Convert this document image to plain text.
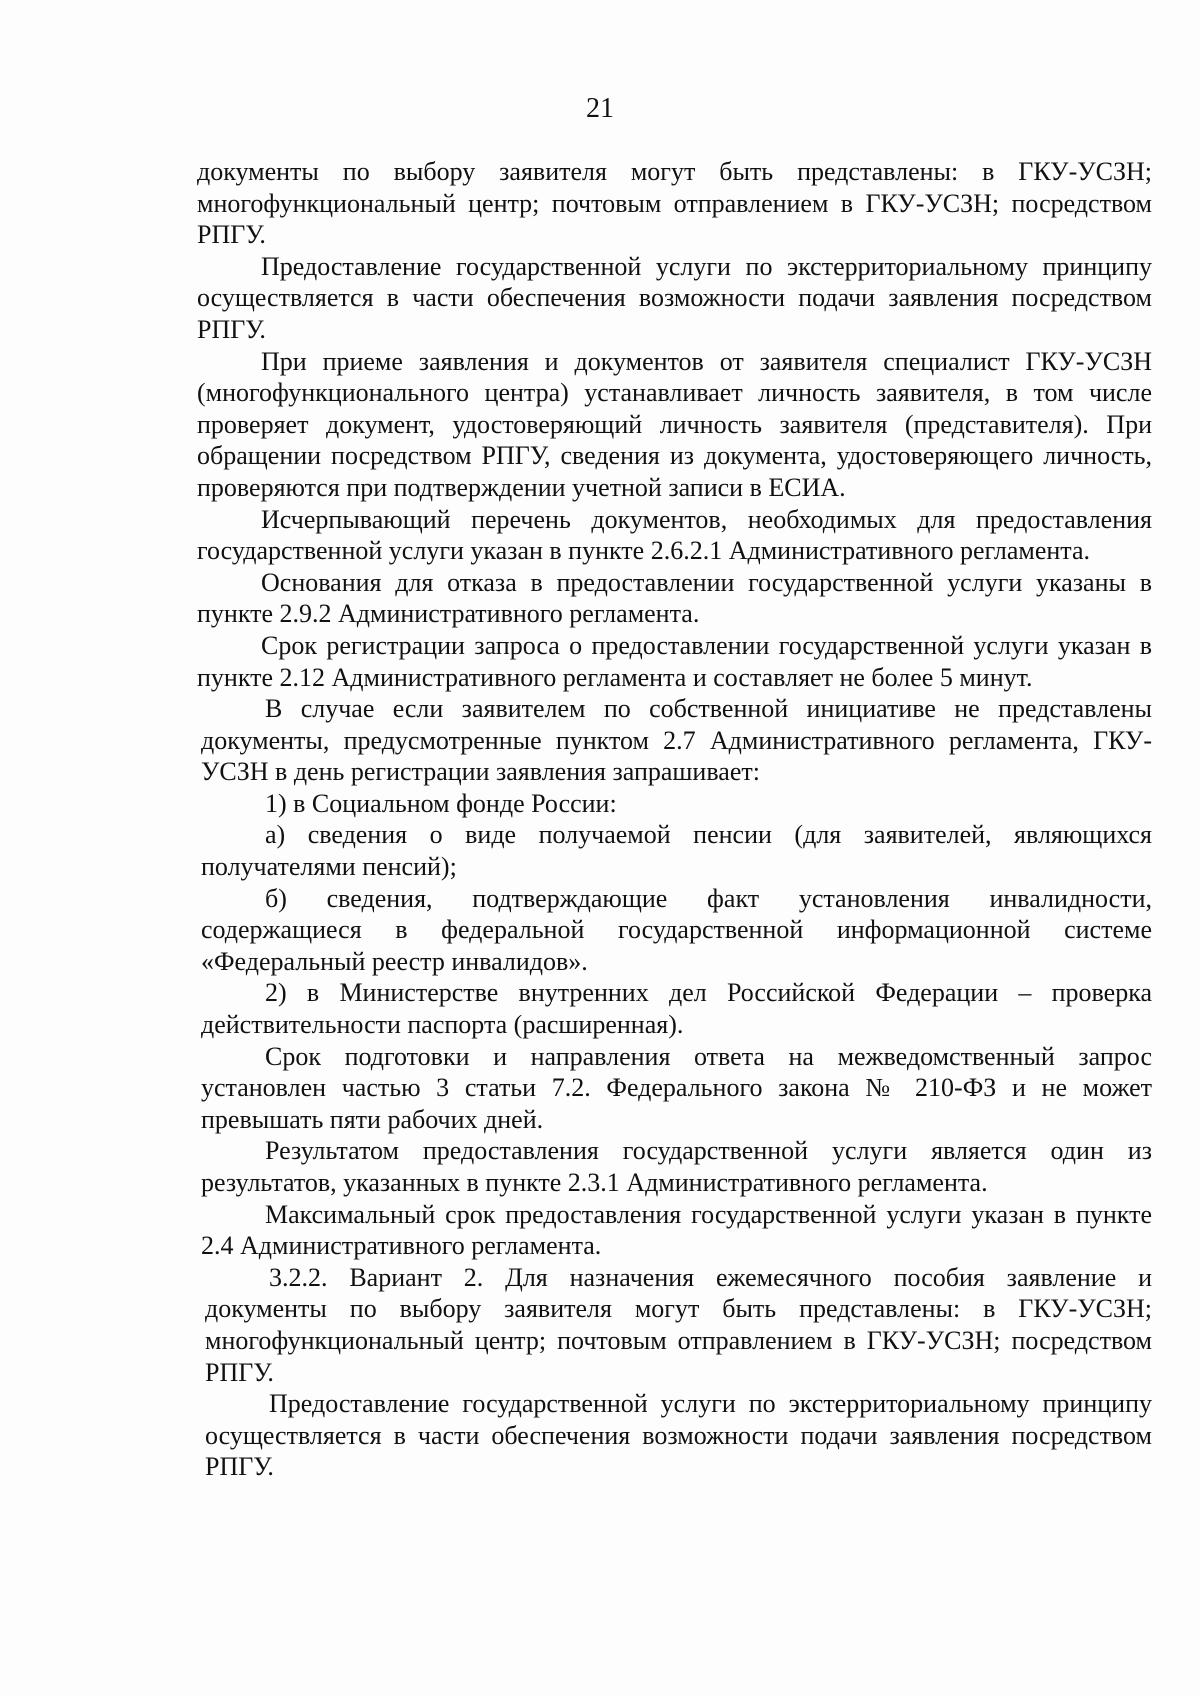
21

документы по выбору заявителя могут быть представлены: в ГКУ-УСЗН; многофункциональный центр; почтовым отправлением в ГКУ-УСЗН; посредством РПГУ.

Предоставление государственной услуги по экстерриториальному принципу осуществляется в части обеспечения возможности подачи заявления посредством РПГУ.

При приеме заявления и документов от заявителя специалист ГКУ-УСЗН (многофункционального центра) устанавливает личность заявителя, в том числе проверяет документ, удостоверяющий личность заявителя (представителя). При обращении посредством РПГУ, сведения из документа, удостоверяющего личность, проверяются при подтверждении учетной записи в ЕСИА.

Исчерпывающий перечень документов, необходимых для предоставления государственной услуги указан в пункте 2.6.2.1 Административного регламента.

Основания для отказа в предоставлении государственной услуги указаны в пункте 2.9.2 Административного регламента.

Срок регистрации запроса о предоставлении государственной услуги указан в пункте 2.12 Административного регламента и составляет не более 5 минут.

В случае если заявителем по собственной инициативе не представлены документы, предусмотренные пунктом 2.7 Административного регламента, ГКУ-УСЗН в день регистрации заявления запрашивает:

1) в Социальном фонде России:

а) сведения о виде получаемой пенсии (для заявителей, являющихся получателями пенсий);

б) сведения, подтверждающие факт установления инвалидности, содержащиеся в федеральной государственной информационной системе «Федеральный реестр инвалидов».

2) в Министерстве внутренних дел Российской Федерации – проверка действительности паспорта (расширенная).

Срок подготовки и направления ответа на межведомственный запрос установлен частью 3 статьи 7.2. Федерального закона № 210-ФЗ и не может превышать пяти рабочих дней.

Результатом предоставления государственной услуги является один из результатов, указанных в пункте 2.3.1 Административного регламента.

Максимальный срок предоставления государственной услуги указан в пункте 2.4 Административного регламента.

3.2.2. Вариант 2. Для назначения ежемесячного пособия заявление и документы по выбору заявителя могут быть представлены: в ГКУ-УСЗН; многофункциональный центр; почтовым отправлением в ГКУ-УСЗН; посредством РПГУ.

Предоставление государственной услуги по экстерриториальному принципу осуществляется в части обеспечения возможности подачи заявления посредством РПГУ.
